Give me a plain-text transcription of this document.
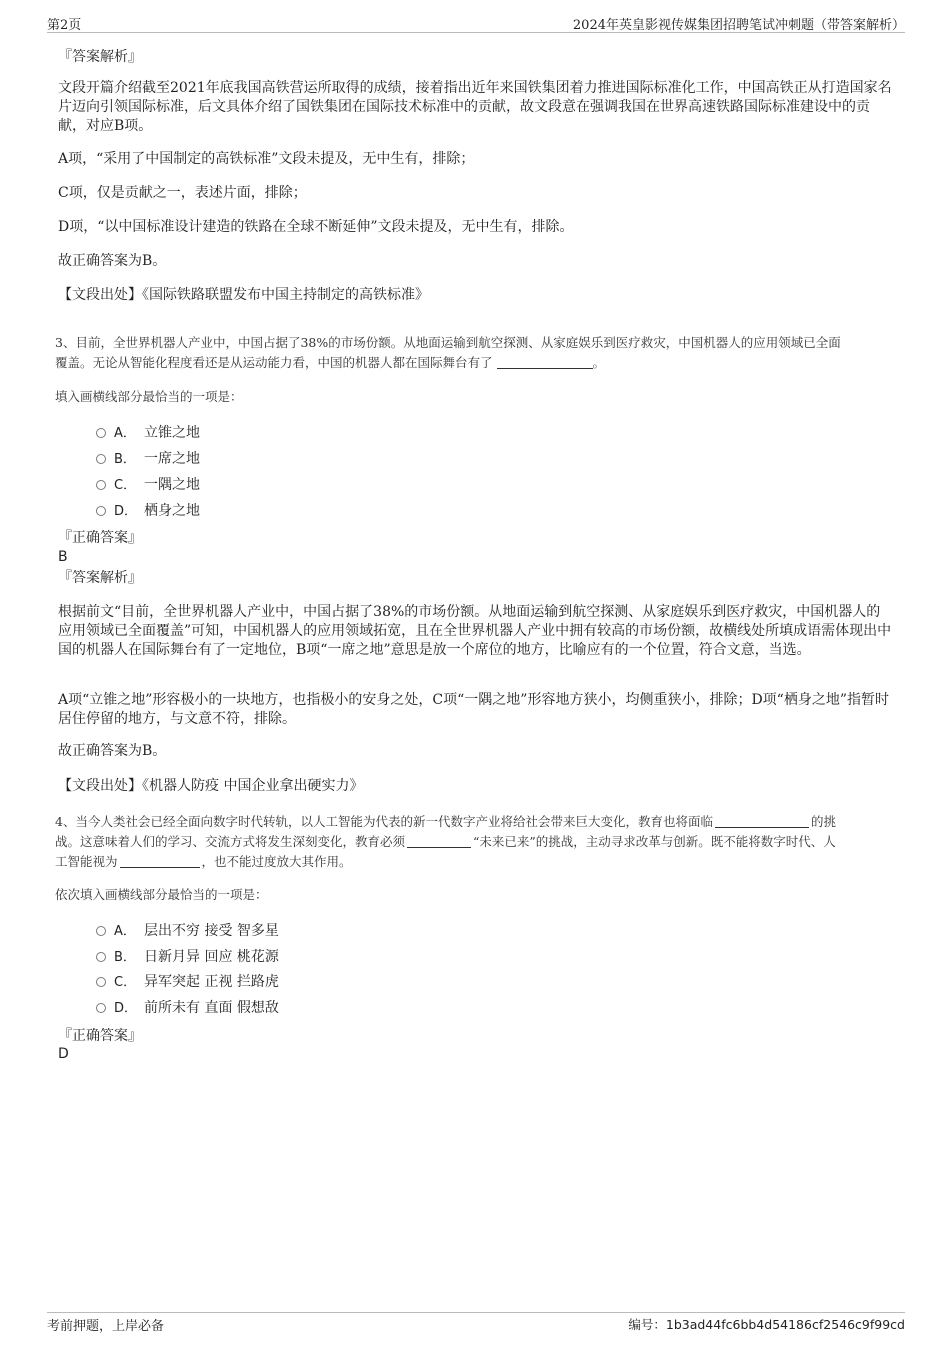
第2页	2024年英皇影视传媒集团招聘笔试冲刺题（带答案解析）
『答案解析』
文段开篇介绍截至2021年底我国高铁营运所取得的成绩，接着指出近年来国铁集团着力推进国际标准化工作，中国高铁正从打造国家名片迈向引领国际标准，后文具体介绍了国铁集团在国际技术标准中的贡献，故文段意在强调我国在世界高速铁路国际标准建设中的贡献，对应B项。
A项，“采用了中国制定的高铁标准”文段未提及，无中生有，排除；
C项，仅是贡献之一，表述片面，排除；
D项，“以中国标准设计建造的铁路在全球不断延伸”文段未提及，无中生有，排除。
故正确答案为B。
【文段出处】《国际铁路联盟发布中国主持制定的高铁标准》
3、目前，全世界机器人产业中，中国占据了38%的市场份额。从地面运输到航空探测、从家庭娱乐到医疗救灾，中国机器人的应用领域已全面
覆盖。无论从智能化程度看还是从运动能力看，中国的机器人都在国际舞台有了	。
填入画横线部分最恰当的一项是：
A． 立锥之地
B． 一席之地
C． 一隅之地
D． 栖身之地
『正确答案』
B
『答案解析』
根据前文“目前，全世界机器人产业中，中国占据了38%的市场份额。从地面运输到航空探测、从家庭娱乐到医疗救灾，中国机器人的应用领域已全面覆盖”可知，中国机器人的应用领域拓宽，且在全世界机器人产业中拥有较高的市场份额，故横线处所填成语需体现出中国的机器人在国际舞台有了一定地位，B项“一席之地”意思是放一个席位的地方，比喻应有的一个位置，符合文意，当选。
A项“立锥之地”形容极小的一块地方，也指极小的安身之处，C项“一隅之地”形容地方狭小，均侧重狭小，排除；D项“栖身之地”指暂时居住停留的地方，与文意不符，排除。
故正确答案为B。
【文段出处】《机器人防疫 中国企业拿出硬实力》
4、当今人类社会已经全面向数字时代转轨，以人工智能为代表的新一代数字产业将给社会带来巨大变化，教育也将面临	的挑
战。这意味着人们的学习、交流方式将发生深刻变化，教育必须	“未来已来”的挑战，主动寻求改革与创新。既不能将数字时代、人
工智能视为	，也不能过度放大其作用。
依次填入画横线部分最恰当的一项是：
A． 层出不穷 接受 智多星
B． 日新月异 回应 桃花源
C． 异军突起 正视 拦路虎
D． 前所未有 直面 假想敌
『正确答案』
D
考前押题，上岸必备	编号：1b3ad44fc6bb4d54186cf2546c9f99cd
